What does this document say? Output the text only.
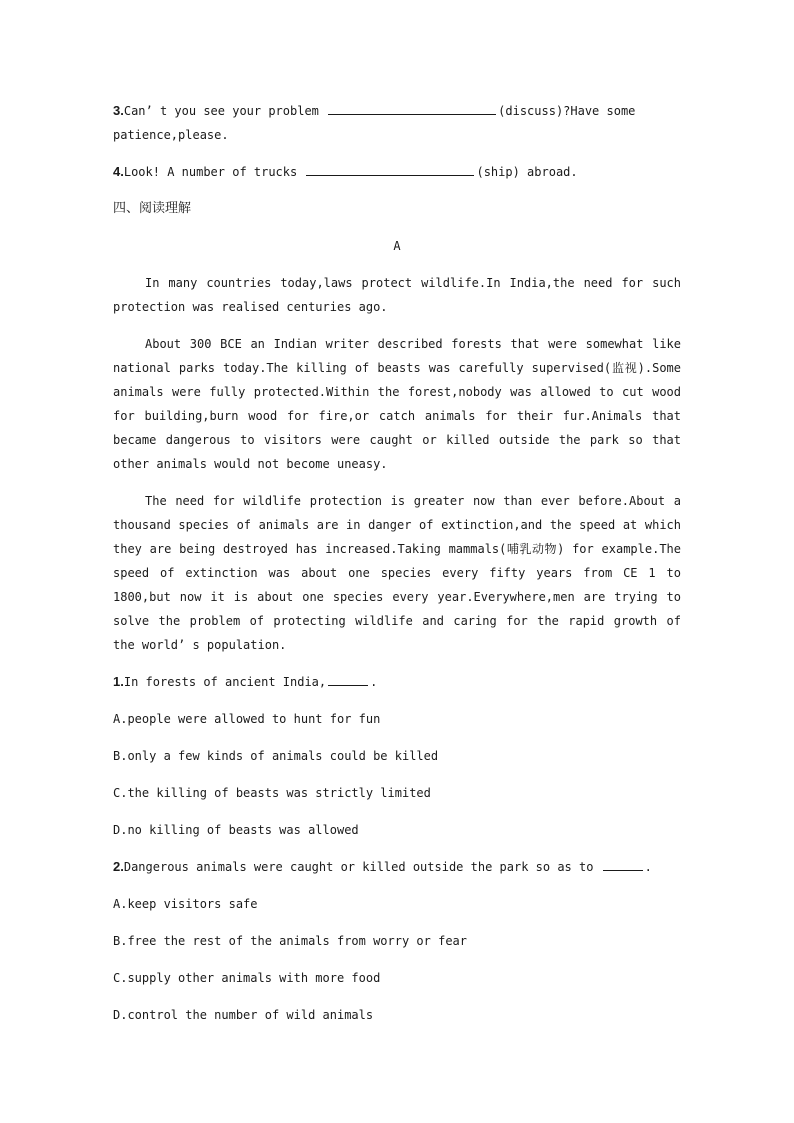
3.Can’ t you see your problem	(discuss)?Have some
patience,please.
4.Look! A number of trucks	(ship) abroad.
四、阅读理解
A

In many countries today,laws protect wildlife.In India,the need for such protection was realised centuries ago.

About 300 BCE an Indian writer described forests that were somewhat like national parks today.The killing of beasts was carefully supervised(监视).Some animals were fully protected.Within the forest,nobody was allowed to cut wood for building,burn wood for fire,or catch animals for their fur.Animals that became dangerous to visitors were caught or killed outside the park so that other animals would not become uneasy.

The need for wildlife protection is greater now than ever before.About a thousand species of animals are in danger of extinction,and the speed at which they are being destroyed has increased.Taking mammals(哺乳动物) for example.The speed of extinction was about one species every fifty years from CE 1 to 1800,but now it is about one species every year.Everywhere,men are trying to solve the problem of protecting wildlife and caring for the rapid growth of the world’ s population.

1.In forests of ancient India,	.
A.people were allowed to hunt for fun
B.only a few kinds of animals could be killed
C.the killing of beasts was strictly limited
D.no killing of beasts was allowed
2.Dangerous animals were caught or killed outside the park so as to	.
A.keep visitors safe
B.free the rest of the animals from worry or fear
C.supply other animals with more food
D.control the number of wild animals
